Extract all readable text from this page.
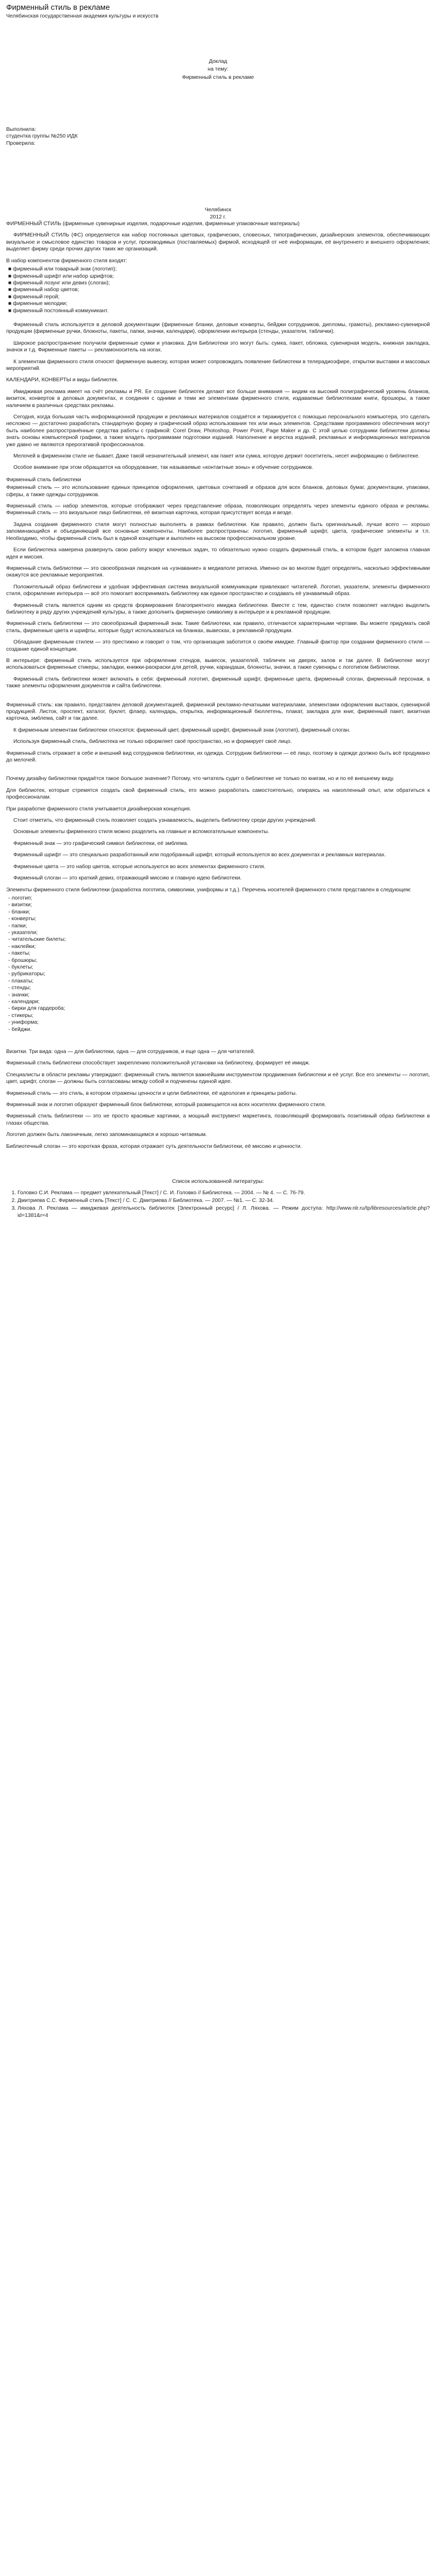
Фирменный стиль в рекламе

Челябинская государственная академия культуры и искусств

Доклад

на тему:

Фирменный стиль в рекламе

Выполнила:

студентка группы №250 ИДК

Проверила:

Челябинск

2012 г.

ФИРМЕННЫЙ СТИЛЬ (фирменные сувенирные изделия, подарочные изделия, фирменные упаковочные материалы)
ФИРМЕННЫЙ СТИЛЬ (ФС) определяется как набор постоянных цветовых, графических, словесных, типографических, дизайнерских элементов, обеспечивающих визуальное и смысловое единство товаров и услуг, производимых (поставляемых) фирмой, исходящей от неё информации, её внутреннего и внешнего оформления; выделяет фирму среди прочих других таких же организаций.
В набор компонентов фирменного стиля входят:
■ фирменный или товарный знак (логотип);
■ фирменный шрифт или набор шрифтов;
■ фирменный лозунг или девиз (слоган);
■ фирменный набор цветов;
■ фирменный герой;
■ фирменные мелодии;
■ фирменный постоянный коммуникант.
Фирменный стиль используется в деловой документации (фирменные бланки, деловые конверты, бейджи сотрудников, дипломы, грамоты), рекламно-сувенирной продукции (фирменные ручки, блокноты, пакеты, папки, значки, календари), оформлении интерьера (стенды, указатели, таблички).
Широкое распространение получили фирменные сумки и упаковка. Для Библиотеки это могут быть: сумка, пакет, обложка, сувенирная модель, книжная закладка, значок и т.д. Фирменные пакеты — рекламоноситель на ногах.
К элементам фирменного стиля относят фирменную вывеску, которая может сопровождать появление библиотеки в телерадиоэфире, открытки выставки и массовых мероприятий.
КАЛЕНДАРИ, КОНВЕРТЫ и виды библиотек.
Имидживая реклама имеет на счёт рекламы и PR. Ее создание библиотек делают все больше внимания — видим на высокий полиграфический уровень бланков, визиток, конвертов в деловых документах, и соединяя с одними и теми же элементами фирменного стиля, издаваемые библиотеками книги, брошюры, а также наличием в различных средствах рекламы.
Сегодня, когда большая часть информационной продукции и рекламных материалов создаётся и тиражируется с помощью персонального компьютера, это сделать несложно — достаточно разработать стандартную форму и графический образ использования тех или иных элементов. Средствами программного обеспечения могут быть наиболее распространённые средства работы с графикой: Corel Draw, Photoshop, Power Point, Page Maker и др. С этой целью сотрудники библиотеки должны знать основы компьютерной графики, а также владеть программами подготовки изданий. Наполнение и верстка изданий, рекламных и информационных материалов уже давно не являются прерогативой профессионалов.
Мелочей в фирменном стиле не бывает. Даже такой незначительный элемент, как пакет или сумка, которую держит посетитель, несет информацию о библиотеке.
Особое внимание при этом обращается на оборудование, так называемые «контактные зоны» и обучение сотрудников.
Фирменный стиль библиотеки
Фирменный стиль — это использование единых принципов оформления, цветовых сочетаний и образов для всех бланков, деловых бумаг, документации, упаковки, сферы, а также одежды сотрудников.
Фирменный стиль — набор элементов, которые отображают через представление образа, позволяющих определять через элементы единого образа и рекламы. Фирменный стиль — это визуальное лицо библиотеки, её визитная карточка, которая присутствует всегда и везде.
Задача создания фирменного стиля могут полностью выполнять в рамках библиотеки. Как правило, должен быть оригинальный, лучше всего — хорошо запоминающийся и объединяющий все основные компоненты. Наиболее распространены: логотип, фирменный шрифт, цвета, графические элементы и т.п. Необходимо, чтобы фирменный стиль был в единой концепции и выполнен на высоком профессиональном уровне.
Если библиотека намерена развернуть свою работу вокруг ключевых задач, то обязательно нужно создать фирменный стиль, в котором будет заложена главная идея и миссия.
Фирменный стиль библиотеки — это своеобразная лицензия на «узнавание» в медиаполе региона. Именно он во многом будет определять, насколько эффективными окажутся все рекламные мероприятия.
Положительный образ библиотеки и удобная эффективная система визуальной коммуникации привлекают читателей. Логотип, указатели, элементы фирменного стиля, оформление интерьера — всё это помогает воспринимать библиотеку как единое пространство и создавать её узнаваемый образ.
Фирменный стиль является одним из средств формирования благоприятного имиджа библиотеки. Вместе с тем, единство стиля позволяет наглядно выделить библиотеку в ряду других учреждений культуры, а также дополнить фирменную символику в интерьере и в рекламной продукции.
Фирменный стиль библиотеки — это своеобразный фирменный знак. Такие библиотеки, как правило, отличаются характерными чертами. Вы можете придумать свой стиль, фирменные цвета и шрифты, которые будут использоваться на бланках, вывесках, в рекламной продукции.
Обладание фирменным стилем — это престижно и говорит о том, что организация заботится о своём имидже. Главный фактор при создании фирменного стиля — создание единой концепции.
В интерьере: фирменный стиль используется при оформлении стендов, вывесок, указателей, табличек на дверях, залов и так далее. В библиотеке могут использоваться фирменные стикеры, закладки, книжки-раскраски для детей, ручки, карандаши, блокноты, значки, а также сувениры с логотипом библиотеки.
Фирменный стиль библиотеки может включать в себя: фирменный логотип, фирменный шрифт, фирменные цвета, фирменный слоган, фирменный персонаж, а также элементы оформления документов и сайта библиотеки.
Фирменный стиль: как правило, представлен деловой документацией, фирменной рекламно-печатными материалами, элементами оформления выставок, сувенирной продукцией. Листок, проспект, каталог, буклет, флаер, календарь, открытка, информационный бюллетень, плакат, закладка для книг, фирменный пакет, визитная карточка, эмблема, сайт и так далее.
К фирменным элементам библиотеки относятся: фирменный цвет, фирменный шрифт, фирменный знак (логотип), фирменный слоган.
Используя фирменный стиль, библиотека не только оформляет своё пространство, но и формирует своё лицо.
Фирменный стиль отражает в себе и внешний вид сотрудников библиотеки, их одежда. Сотрудник библиотеки — её лицо, поэтому в одежде должно быть всё продумано до мелочей.
Почему дизайну библиотеки придаётся такое большое значение? Потому, что читатель судит о библиотеке не только по книгам, но и по её внешнему виду.
Для библиотек, которые стремятся создать свой фирменный стиль, его можно разработать самостоятельно, опираясь на накопленный опыт, или обратиться к профессионалам.
При разработке фирменного стиля учитывается дизайнерская концепция.
Стоит отметить, что фирменный стиль позволяет создать узнаваемость, выделить библиотеку среди других учреждений.
Основные элементы фирменного стиля можно разделить на главные и вспомогательные компоненты.
Фирменный знак — это графический символ библиотеки, её эмблема.
Фирменный шрифт — это специально разработанный или подобранный шрифт, который используется во всех документах и рекламных материалах.
Фирменные цвета — это набор цветов, которые используются во всех элементах фирменного стиля.
Фирменный слоган — это краткий девиз, отражающий миссию и главную идею библиотеки.
Элементы фирменного стиля библиотеки (разработка логотипа, символики, униформы и т.д.). Перечень носителей фирменного стиля представлен в следующем:
- логотип;
- визитки;
- бланки;
- конверты;
- папки;
- указатели;
- читательские билеты;
- наклейки;
- пакеты;
- брошюры;
- буклеты;
- рубрикаторы;
- плакаты;
- стенды;
- значки;
- календари;
- бирки для гардероба;
- стикеры;
- униформа;
- бейджи.
Визитки. Три вида: одна — для библиотеки, одна — для сотрудников, и еще одна — для читателей.
Фирменный стиль библиотеки способствует закреплению положительной установки на библиотеку, формирует её имидж.
Специалисты в области рекламы утверждают: фирменный стиль является важнейшим инструментом продвижения библиотеки и её услуг. Все его элементы — логотип, цвет, шрифт, слоган — должны быть согласованы между собой и подчинены единой идее.
Фирменный стиль — это стиль, в котором отражены ценности и цели библиотеки, её идеология и принципы работы.
Фирменный знак и логотип образуют фирменный блок библиотеки, который размещается на всех носителях фирменного стиля.
Фирменный стиль библиотеки — это не просто красивые картинки, а мощный инструмент маркетинга, позволяющий формировать позитивный образ библиотеки в глазах общества.
Логотип должен быть лаконичным, легко запоминающимся и хорошо читаемым.
Библиотечный слоган — это короткая фраза, которая отражает суть деятельности библиотеки, её миссию и ценности.
Список использованной литературы:
1. Головко С.И. Реклама — предмет увлекательный [Текст] / С. И. Головко // Библиотека. — 2004. — № 4. — С. 76-79.
2. Дмитриева С.С. Фирменный стиль [Текст] / С. С. Дмитриева // Библиотека. — 2007. — №1. — С. 32-34.
3. Ляхова Л. Реклама — имиджевая деятельность библиотек [Электронный ресурс] / Л. Ляхова. — Режим доступа: http://www.nlr.ru/tp/libresources/article.php?id=1381&r=4
